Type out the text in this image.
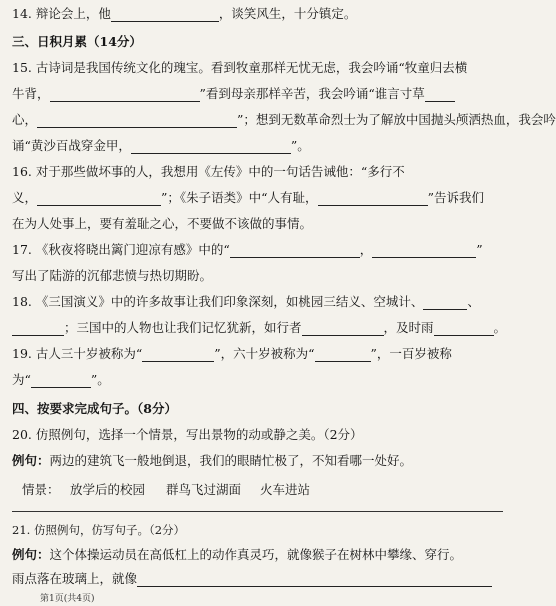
14. 辩论会上，他	，谈笑风生，十分镇定。
三、日积月累（14分）
15. 古诗词是我国传统文化的瑰宝。看到牧童那样无忧无虑，我会吟诵“牧童归去横
牛背，	”看到母亲那样辛苦，我会吟诵“谁言寸草
心，	”；想到无数革命烈士为了解放中国抛头颅洒热血，我会吟
诵“黄沙百战穿金甲，	”。
16. 对于那些做坏事的人，我想用《左传》中的一句话告诫他：“多行不
义，	”；《朱子语类》中“人有耻，	”告诉我们
在为人处事上，要有羞耻之心，不要做不该做的事情。
17. 《秋夜将晓出篱门迎凉有感》中的“	，	”
写出了陆游的沉郁悲愤与热切期盼。
18. 《三国演义》中的许多故事让我们印象深刻，如桃园三结义、空城计、	、
；三国中的人物也让我们记忆犹新，如行者	，及时雨	。
19. 古人三十岁被称为“	”，六十岁被称为“	”，一百岁被称
为“	”。
四、按要求完成句子。（8分）
20. 仿照例句，选择一个情景，写出景物的动或静之美。（2分）
例句：两边的建筑飞一般地倒退，我们的眼睛忙极了，不知看哪一处好。
情景： 放学后的校园 群鸟飞过湖面 火车进站
21. 仿照例句，仿写句子。（2分）
例句：这个体操运动员在高低杠上的动作真灵巧，就像猴子在树林中攀缘、穿行。
雨点落在玻璃上，就像
第1页(共4页)
